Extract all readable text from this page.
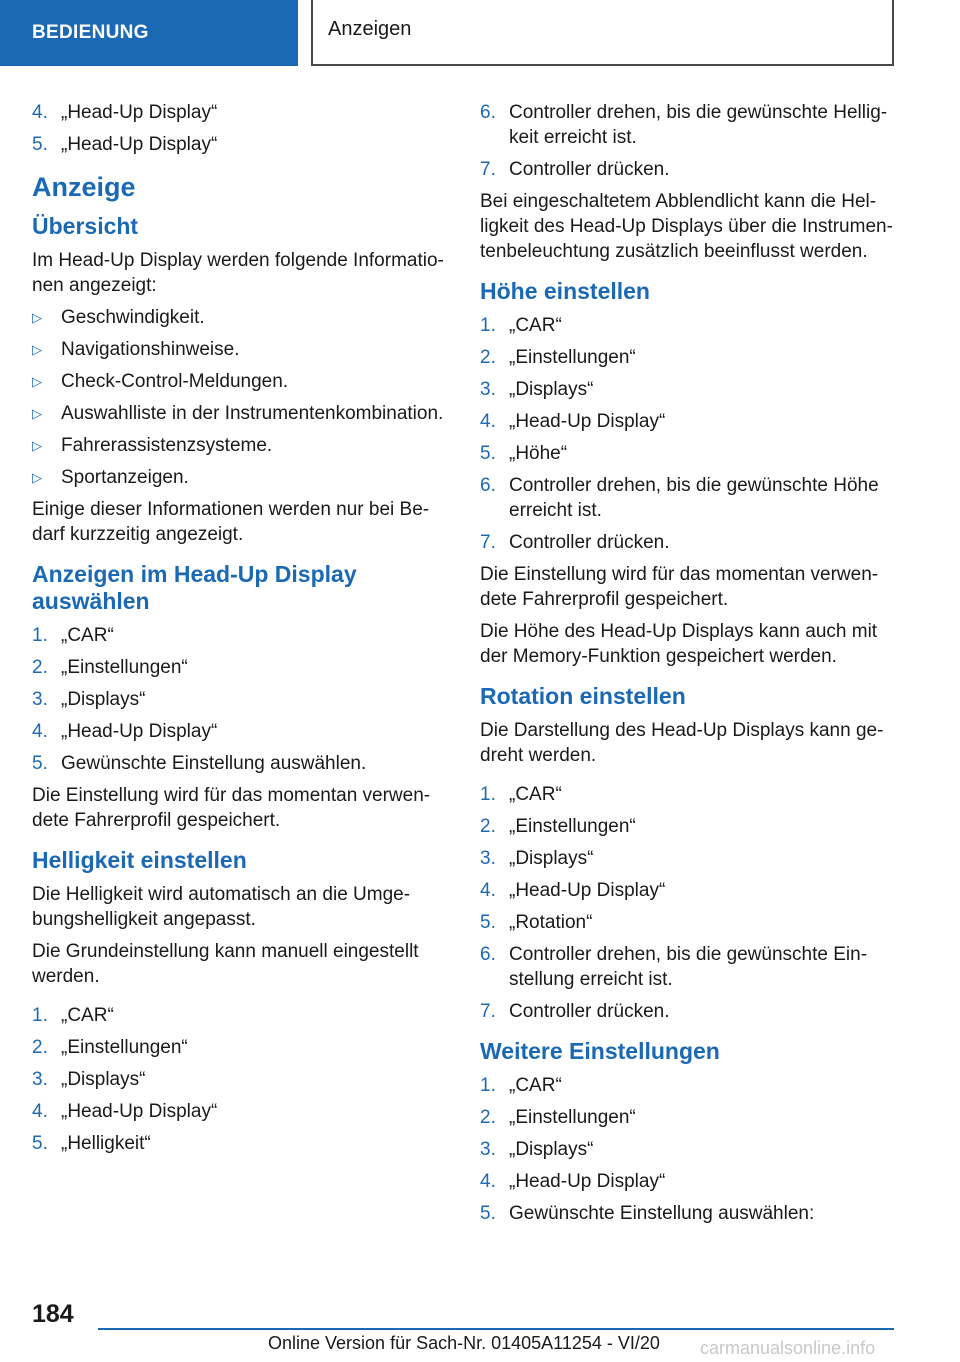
BEDIENUNG	Anzeigen
4. „Head-Up Display“
5. „Head-Up Display“
Anzeige
Übersicht

Im Head-Up Display werden folgende Informatio-nen angezeigt:

▷ Geschwindigkeit.
▷ Navigationshinweise.
▷ Check-Control-Meldungen.
▷ Auswahlliste in der Instrumentenkombination.
▷ Fahrerassistenzsysteme.
▷ Sportanzeigen.

Einige dieser Informationen werden nur bei Be-darf kurzzeitig angezeigt.

Anzeigen im Head-Up Display auswählen
1. „CAR“
2. „Einstellungen“
3. „Displays“
4. „Head-Up Display“
5. Gewünschte Einstellung auswählen.

Die Einstellung wird für das momentan verwen-dete Fahrerprofil gespeichert.

Helligkeit einstellen

Die Helligkeit wird automatisch an die Umge-bungshelligkeit angepasst.

Die Grundeinstellung kann manuell eingestellt werden.

1. „CAR“
2. „Einstellungen“
3. „Displays“
4. „Head-Up Display“
5. „Helligkeit“
6. Controller drehen, bis die gewünschte Hellig-keit erreicht ist.
7. Controller drücken.

Bei eingeschaltetem Abblendlicht kann die Hel-ligkeit des Head-Up Displays über die Instrumen-tenbeleuchtung zusätzlich beeinflusst werden.

Höhe einstellen
1. „CAR“
2. „Einstellungen“
3. „Displays“
4. „Head-Up Display“
5. „Höhe“
6. Controller drehen, bis die gewünschte Höhe erreicht ist.
7. Controller drücken.

Die Einstellung wird für das momentan verwen-dete Fahrerprofil gespeichert.

Die Höhe des Head-Up Displays kann auch mit der Memory-Funktion gespeichert werden.

Rotation einstellen

Die Darstellung des Head-Up Displays kann ge-dreht werden.

1. „CAR“
2. „Einstellungen“
3. „Displays“
4. „Head-Up Display“
5. „Rotation“
6. Controller drehen, bis die gewünschte Ein-stellung erreicht ist.
7. Controller drücken.
Weitere Einstellungen
1. „CAR“
2. „Einstellungen“
3. „Displays“
4. „Head-Up Display“
5. Gewünschte Einstellung auswählen:
184
Online Version für Sach-Nr. 01405A11254 - VI/20 carmanualsonline.info
